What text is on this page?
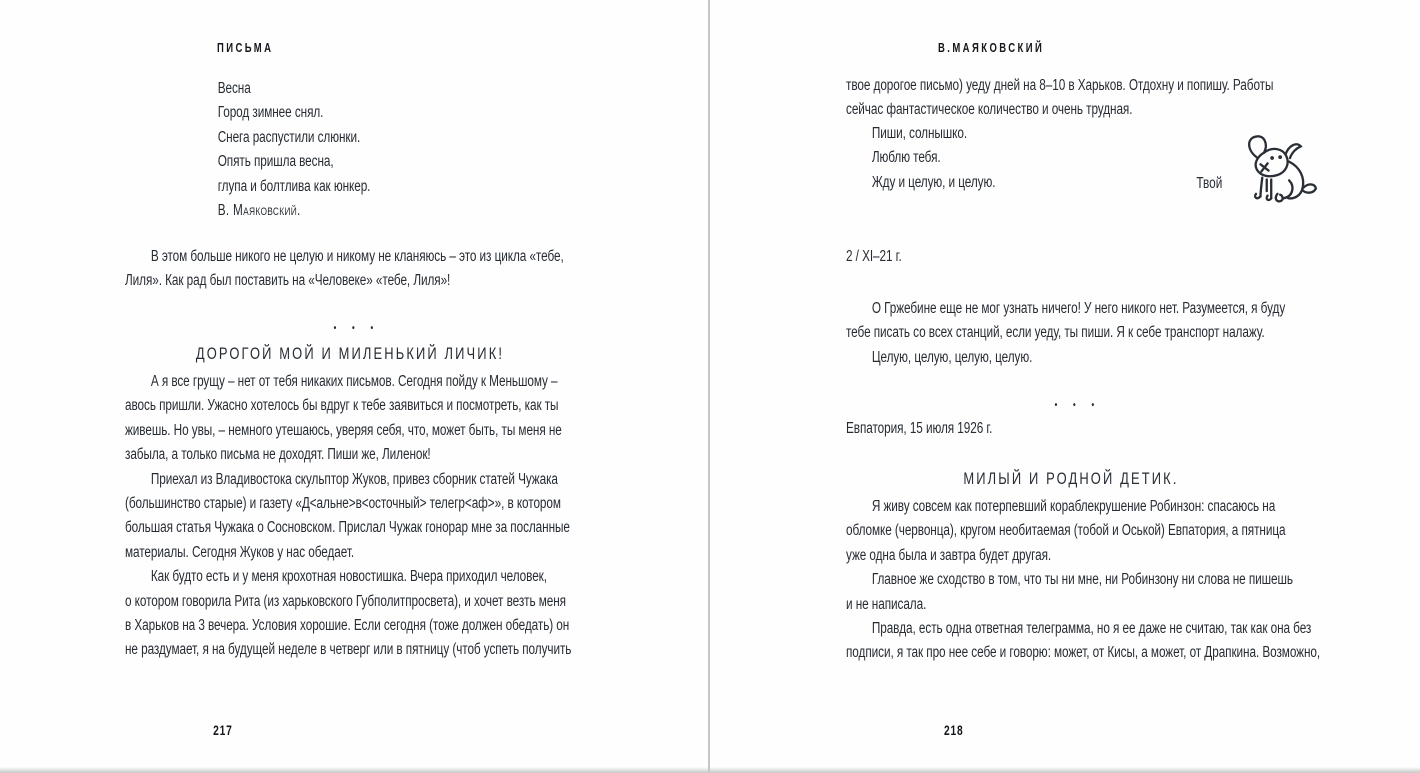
ПИСЬМА
Весна
Город зимнее снял.
Снега распустили слюнки.
Опять пришла весна,
глупа и болтлива как юнкер.
В. Маяковский.
В этом больше никого не целую и никому не кланяюсь – это из цикла «тебе,
Лиля». Как рад был поставить на «Человеке» «тебе, Лиля»!
• • •
ДОРОГОЙ МОЙ И МИЛЕНЬКИЙ ЛИЧИК!
А я все грущу – нет от тебя никаких письмов. Сегодня пойду к Меньшому –
авось пришли. Ужасно хотелось бы вдруг к тебе заявиться и посмотреть, как ты
живешь. Но увы, – немного утешаюсь, уверяя себя, что, может быть, ты меня не
забыла, а только письма не доходят. Пиши же, Лиленок!
Приехал из Владивостока скульптор Жуков, привез сборник статей Чужака
(большинство старые) и газету «Д<альне>в<осточный> телегр<аф>», в котором
большая статья Чужака о Сосновском. Прислал Чужак гонорар мне за посланные
материалы. Сегодня Жуков у нас обедает.
Как будто есть и у меня крохотная новостишка. Вчера приходил человек,
о котором говорила Рита (из харьковского Губполитпросвета), и хочет везть меня
в Харьков на 3 вечера. Условия хорошие. Если сегодня (тоже должен обедать) он
не раздумает, я на будущей неделе в четверг или в пятницу (чтоб успеть получить
217
В.МАЯКОВСКИЙ
твое дорогое письмо) уеду дней на 8–10 в Харьков. Отдохну и попишу. Работы
сейчас фантастическое количество и очень трудная.
Пиши, солнышко.
Люблю тебя.
Жду и целую, и целую.	Твой
2 / XI–21 г.
О Гржебине еще не мог узнать ничего! У него никого нет. Разумеется, я буду
тебе писать со всех станций, если уеду, ты пиши. Я к себе транспорт налажу.
Целую, целую, целую, целую.
• • •
Евпатория, 15 июля 1926 г.
МИЛЫЙ И РОДНОЙ ДЕТИК.
Я живу совсем как потерпевший кораблекрушение Робинзон: спасаюсь на
обломке (червонца), кругом необитаемая (тобой и Оськой) Евпатория, а пятница
уже одна была и завтра будет другая.
Главное же сходство в том, что ты ни мне, ни Робинзону ни слова не пишешь
и не написала.
Правда, есть одна ответная телеграмма, но я ее даже не считаю, так как она без
подписи, я так про нее себе и говорю: может, от Кисы, а может, от Драпкина. Возможно,
218
